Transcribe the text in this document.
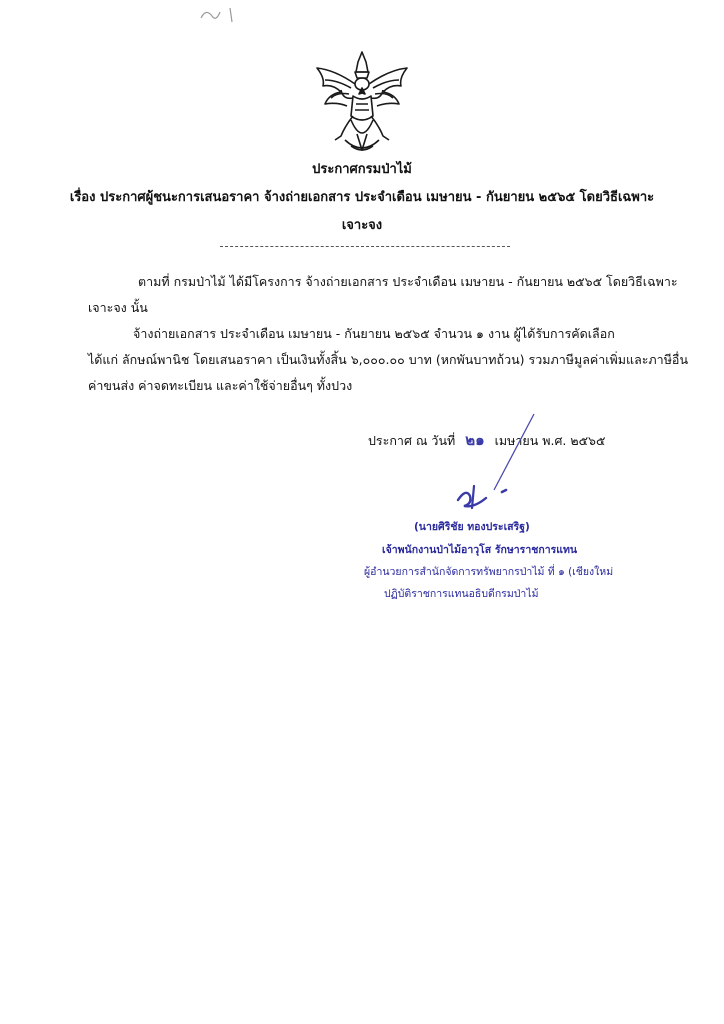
ประกาศกรมป่าไม้
เรื่อง ประกาศผู้ชนะการเสนอราคา จ้างถ่ายเอกสาร ประจำเดือน เมษายน - กันยายน ๒๕๖๕ โดยวิธีเฉพาะ
เจาะจง
ตามที่ กรมป่าไม้ ได้มีโครงการ จ้างถ่ายเอกสาร ประจำเดือน เมษายน - กันยายน ๒๕๖๕ โดยวิธีเฉพาะ
เจาะจง นั้น
จ้างถ่ายเอกสาร ประจำเดือน เมษายน - กันยายน ๒๕๖๕ จำนวน ๑ งาน ผู้ได้รับการคัดเลือก
ได้แก่ ลักษณ์พานิช โดยเสนอราคา เป็นเงินทั้งสิ้น ๖,๐๐๐.๐๐ บาท (หกพันบาทถ้วน) รวมภาษีมูลค่าเพิ่มและภาษีอื่น
ค่าขนส่ง ค่าจดทะเบียน และค่าใช้จ่ายอื่นๆ ทั้งปวง
ประกาศ ณ วันที่ ๒๑ เมษายน พ.ศ. ๒๕๖๕
(นายศิริชัย ทองประเสริฐ)
เจ้าพนักงานป่าไม้อาวุโส รักษาราชการแทน
ผู้อำนวยการสำนักจัดการทรัพยากรป่าไม้ ที่ ๑ (เชียงใหม่
ปฏิบัติราชการแทนอธิบดีกรมป่าไม้
